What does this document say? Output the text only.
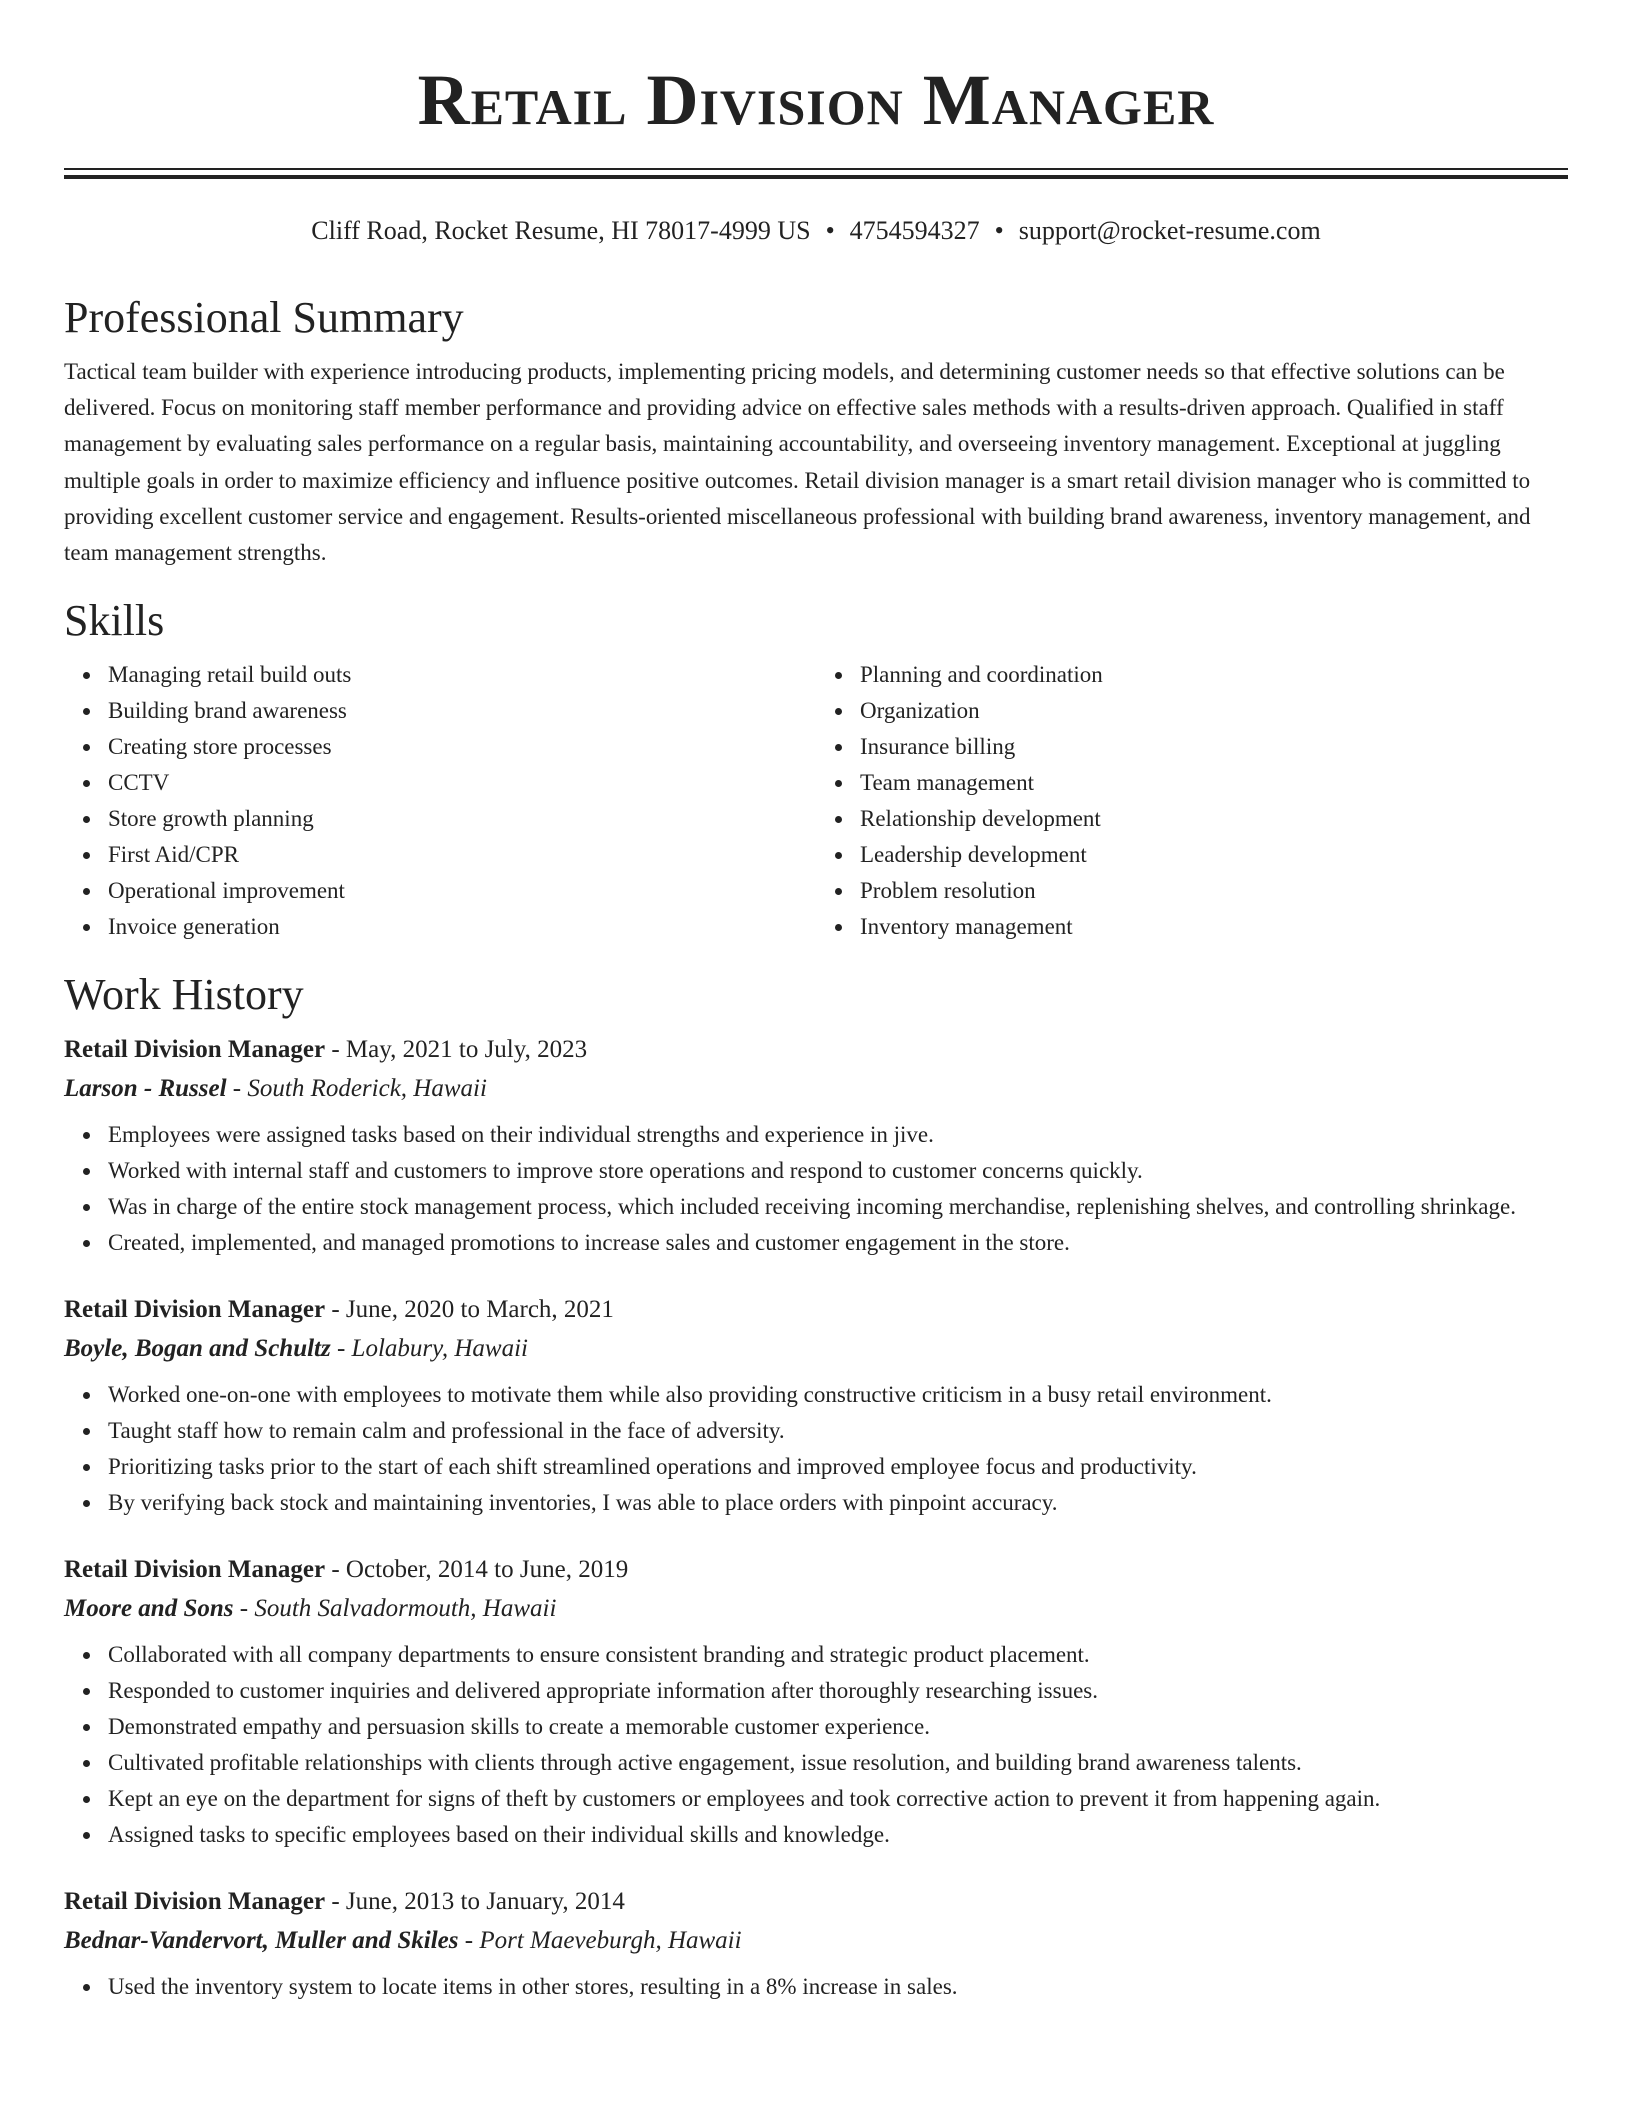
Retail Division Manager
Cliff Road, Rocket Resume, HI 78017-4999 US • 4754594327 • support@rocket-resume.com
Professional Summary

Tactical team builder with experience introducing products, implementing pricing models, and determining customer needs so that effective solutions can be delivered. Focus on monitoring staff member performance and providing advice on effective sales methods with a results-driven approach. Qualified in staff management by evaluating sales performance on a regular basis, maintaining accountability, and overseeing inventory management. Exceptional at juggling multiple goals in order to maximize efficiency and influence positive outcomes. Retail division manager is a smart retail division manager who is committed to providing excellent customer service and engagement. Results-oriented miscellaneous professional with building brand awareness, inventory management, and team management strengths.

Skills
Managing retail build outs
Building brand awareness
Creating store processes
CCTV
Store growth planning
First Aid/CPR
Operational improvement
Invoice generation
Planning and coordination
Organization
Insurance billing
Team management
Relationship development
Leadership development
Problem resolution
Inventory management
Work History
Retail Division Manager - May, 2021 to July, 2023
Larson - Russel - South Roderick, Hawaii
Employees were assigned tasks based on their individual strengths and experience in jive.
Worked with internal staff and customers to improve store operations and respond to customer concerns quickly.
Was in charge of the entire stock management process, which included receiving incoming merchandise, replenishing shelves, and controlling shrinkage.
Created, implemented, and managed promotions to increase sales and customer engagement in the store.
Retail Division Manager - June, 2020 to March, 2021
Boyle, Bogan and Schultz - Lolabury, Hawaii
Worked one-on-one with employees to motivate them while also providing constructive criticism in a busy retail environment.
Taught staff how to remain calm and professional in the face of adversity.
Prioritizing tasks prior to the start of each shift streamlined operations and improved employee focus and productivity.
By verifying back stock and maintaining inventories, I was able to place orders with pinpoint accuracy.
Retail Division Manager - October, 2014 to June, 2019
Moore and Sons - South Salvadormouth, Hawaii
Collaborated with all company departments to ensure consistent branding and strategic product placement.
Responded to customer inquiries and delivered appropriate information after thoroughly researching issues.
Demonstrated empathy and persuasion skills to create a memorable customer experience.
Cultivated profitable relationships with clients through active engagement, issue resolution, and building brand awareness talents.
Kept an eye on the department for signs of theft by customers or employees and took corrective action to prevent it from happening again.
Assigned tasks to specific employees based on their individual skills and knowledge.
Retail Division Manager - June, 2013 to January, 2014
Bednar-Vandervort, Muller and Skiles - Port Maeveburgh, Hawaii
Used the inventory system to locate items in other stores, resulting in a 8% increase in sales.
